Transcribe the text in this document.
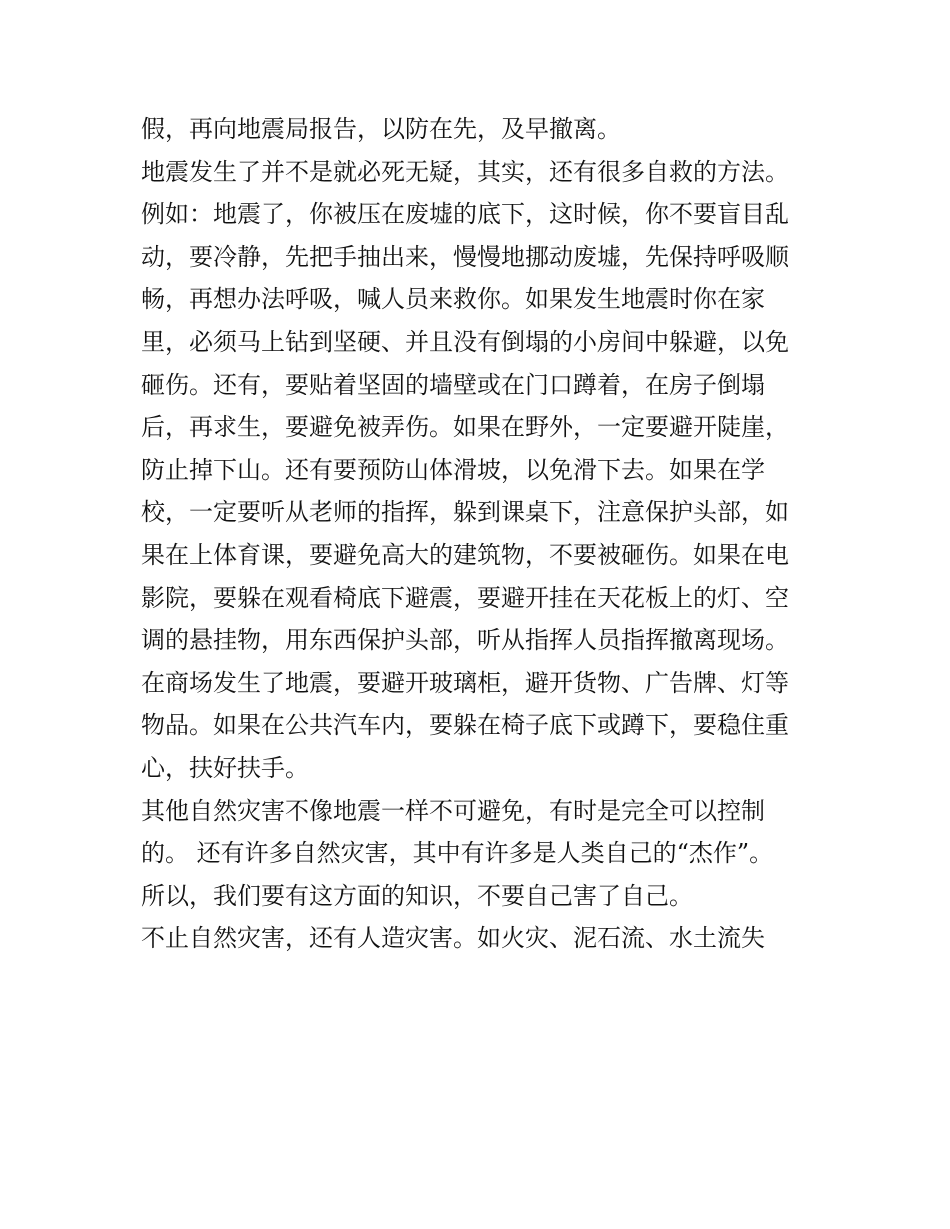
假，再向地震局报告，以防在先，及早撤离。
地震发生了并不是就必死无疑，其实，还有很多自救的方法。
例如：地震了，你被压在废墟的底下，这时候，你不要盲目乱
动，要冷静，先把手抽出来，慢慢地挪动废墟，先保持呼吸顺
畅，再想办法呼吸，喊人员来救你。如果发生地震时你在家
里，必须马上钻到坚硬、并且没有倒塌的小房间中躲避，以免
砸伤。还有，要贴着坚固的墙壁或在门口蹲着，在房子倒塌
后，再求生，要避免被弄伤。如果在野外，一定要避开陡崖，
防止掉下山。还有要预防山体滑坡，以免滑下去。如果在学
校，一定要听从老师的指挥，躲到课桌下，注意保护头部，如
果在上体育课，要避免高大的建筑物，不要被砸伤。如果在电
影院，要躲在观看椅底下避震，要避开挂在天花板上的灯、空
调的悬挂物，用东西保护头部，听从指挥人员指挥撤离现场。
在商场发生了地震，要避开玻璃柜，避开货物、广告牌、灯等
物品。如果在公共汽车内，要躲在椅子底下或蹲下，要稳住重
心，扶好扶手。
其他自然灾害不像地震一样不可避免，有时是完全可以控制
的。 还有许多自然灾害，其中有许多是人类自己的“杰作”。
所以，我们要有这方面的知识，不要自己害了自己。
不止自然灾害，还有人造灾害。如火灾、泥石流、水土流失
